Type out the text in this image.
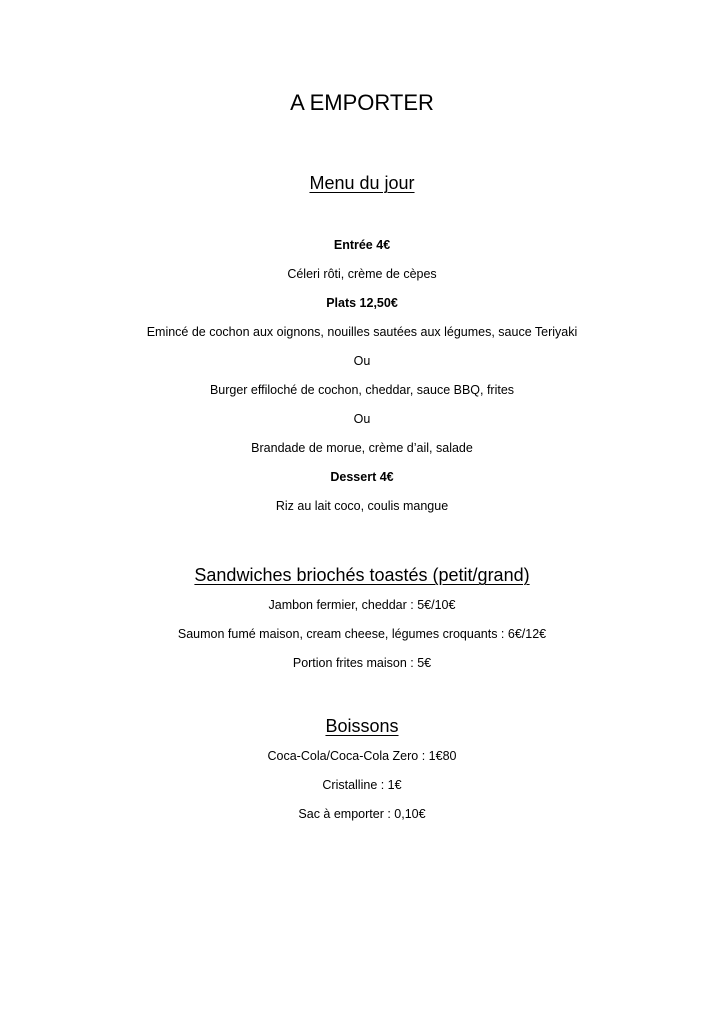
A EMPORTER
Menu du jour
Entrée 4€
Céleri rôti, crème de cèpes
Plats 12,50€
Emincé de cochon aux oignons, nouilles sautées aux légumes, sauce Teriyaki
Ou
Burger effiloché de cochon, cheddar, sauce BBQ, frites
Ou
Brandade de morue, crème d’ail, salade
Dessert 4€
Riz au lait coco, coulis mangue
Sandwiches briochés toastés (petit/grand)
Jambon fermier, cheddar : 5€/10€
Saumon fumé maison, cream cheese, légumes croquants : 6€/12€
Portion frites maison : 5€
Boissons
Coca-Cola/Coca-Cola Zero : 1€80
Cristalline : 1€
Sac à emporter : 0,10€
